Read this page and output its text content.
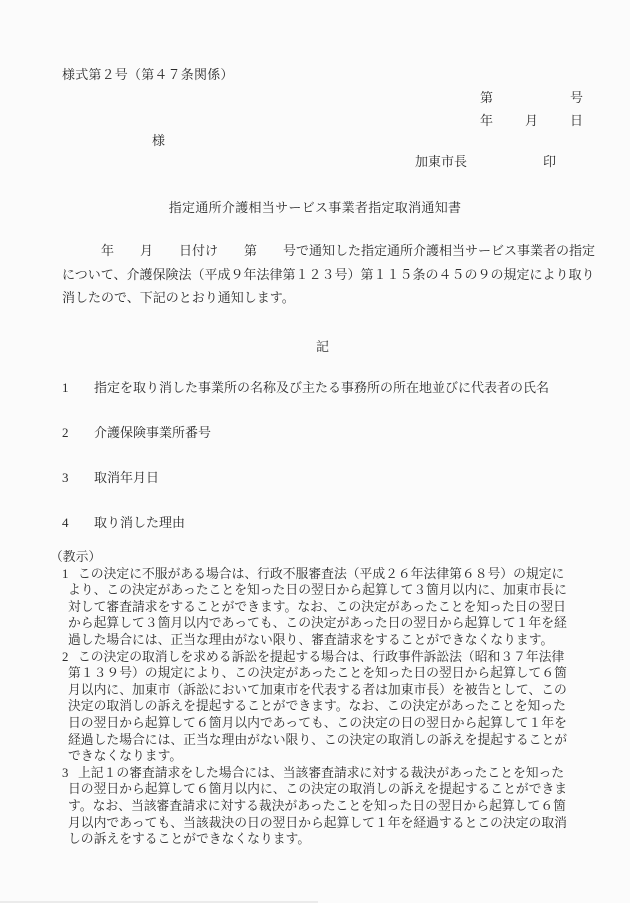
様式第２号（第４７条関係）
第	号
年 月 日
様
加東市長	印
指定通所介護相当サービス事業者指定取消通知書
　　　年　　月　　日付け　　第　　号で通知した指定通所介護相当サービス事業者の指定
について、介護保険法（平成９年法律第１２３号）第１１５条の４５の９の規定により取り
消したので、下記のとおり通知します。
記
1	指定を取り消した事業所の名称及び主たる事務所の所在地並びに代表者の氏名
2	介護保険事業所番号
3	取消年月日
4	取り消した理由
（教示）
1 この決定に不服がある場合は、行政不服審査法（平成２６年法律第６８号）の規定に
より、この決定があったことを知った日の翌日から起算して３箇月以内に、加東市長に
対して審査請求をすることができます。なお、この決定があったことを知った日の翌日
から起算して３箇月以内であっても、この決定があった日の翌日から起算して１年を経
過した場合には、正当な理由がない限り、審査請求をすることができなくなります。
2 この決定の取消しを求める訴訟を提起する場合は、行政事件訴訟法（昭和３７年法律
第１３９号）の規定により、この決定があったことを知った日の翌日から起算して６箇
月以内に、加東市（訴訟において加東市を代表する者は加東市長）を被告として、この
決定の取消しの訴えを提起することができます。なお、この決定があったことを知った
日の翌日から起算して６箇月以内であっても、この決定の日の翌日から起算して１年を
経過した場合には、正当な理由がない限り、この決定の取消しの訴えを提起することが
できなくなります。
3 上記１の審査請求をした場合には、当該審査請求に対する裁決があったことを知った
日の翌日から起算して６箇月以内に、この決定の取消しの訴えを提起することができま
す。なお、当該審査請求に対する裁決があったことを知った日の翌日から起算して６箇
月以内であっても、当該裁決の日の翌日から起算して１年を経過するとこの決定の取消
しの訴えをすることができなくなります。
